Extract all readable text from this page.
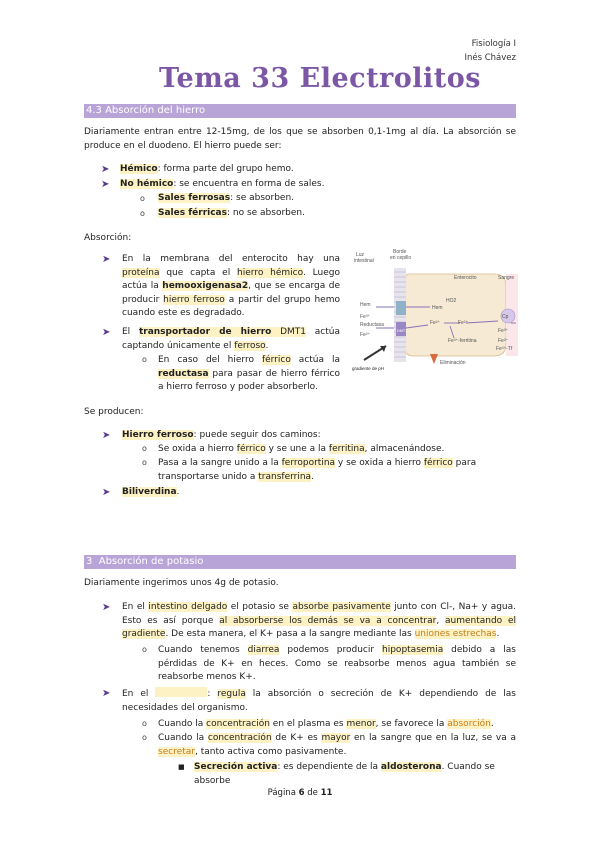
Fisiología I
Inés Chávez
Tema 33 Electrolitos
4.3 Absorción del hierro
Diariamente entran entre 12-15mg, de los que se absorben 0,1-1mg al día. La absorción se produce en el duodeno. El hierro puede ser:
➤ Hémico: forma parte del grupo hemo.
➤ No hémico: se encuentra en forma de sales.
o Sales ferrosas: se absorben.
o Sales férricas: no se absorben.
Absorción:
➤ En la membrana del enterocito hay una proteína que capta el hierro hémico. Luego actúa la hemooxigenasa2, que se encarga de producir hierro ferroso a partir del grupo hemo cuando este es degradado.
➤ El transportador de hierro DMT1 actúa captando únicamente el ferroso.
o En caso del hierro férrico actúa la reductasa para pasar de hierro férrico a hierro ferroso y poder absorberlo.
Luz
intestinal
Borde
en cepillo
Enterocito	Sangre
Hem	Hem
HO2
Fe³⁺
Reductasa
Fe²⁺
Fe²⁺	Fe²⁺
Fe³⁺-ferritina
Cp
Fe³⁺
Fe²⁺
Fe³⁺-Tf
Eliminación
gradiente de pH
DMT1
Se producen:
➤ Hierro ferroso: puede seguir dos caminos:
o Se oxida a hierro férrico y se une a la ferritina, almacenándose.
o Pasa a la sangre unido a la ferroportina y se oxida a hierro férrico para transportarse unido a transferrina.
➤ Biliverdina.
3 Absorción de potasio
Diariamente ingerimos unos 4g de potasio.
➤ En el intestino delgado el potasio se absorbe pasivamente junto con Cl-, Na+ y agua. Esto es así porque al absorberse los demás se va a concentrar, aumentando el gradiente. De esta manera, el K+ pasa a la sangre mediante las uniones estrechas.
o Cuando tenemos diarrea podemos producir hipoptasemia debido a las pérdidas de K+ en heces. Como se reabsorbe menos agua también se reabsorbe menos K+.
➤ En el	: regula la absorción o secreción de K+ dependiendo de las necesidades del organismo.
o Cuando la concentración en el plasma es menor, se favorece la absorción.
o Cuando la concentración de K+ es mayor en la sangre que en la luz, se va a secretar, tanto activa como pasivamente.
■ Secreción activa: es dependiente de la aldosterona. Cuando se absorbe
Página 6 de 11
